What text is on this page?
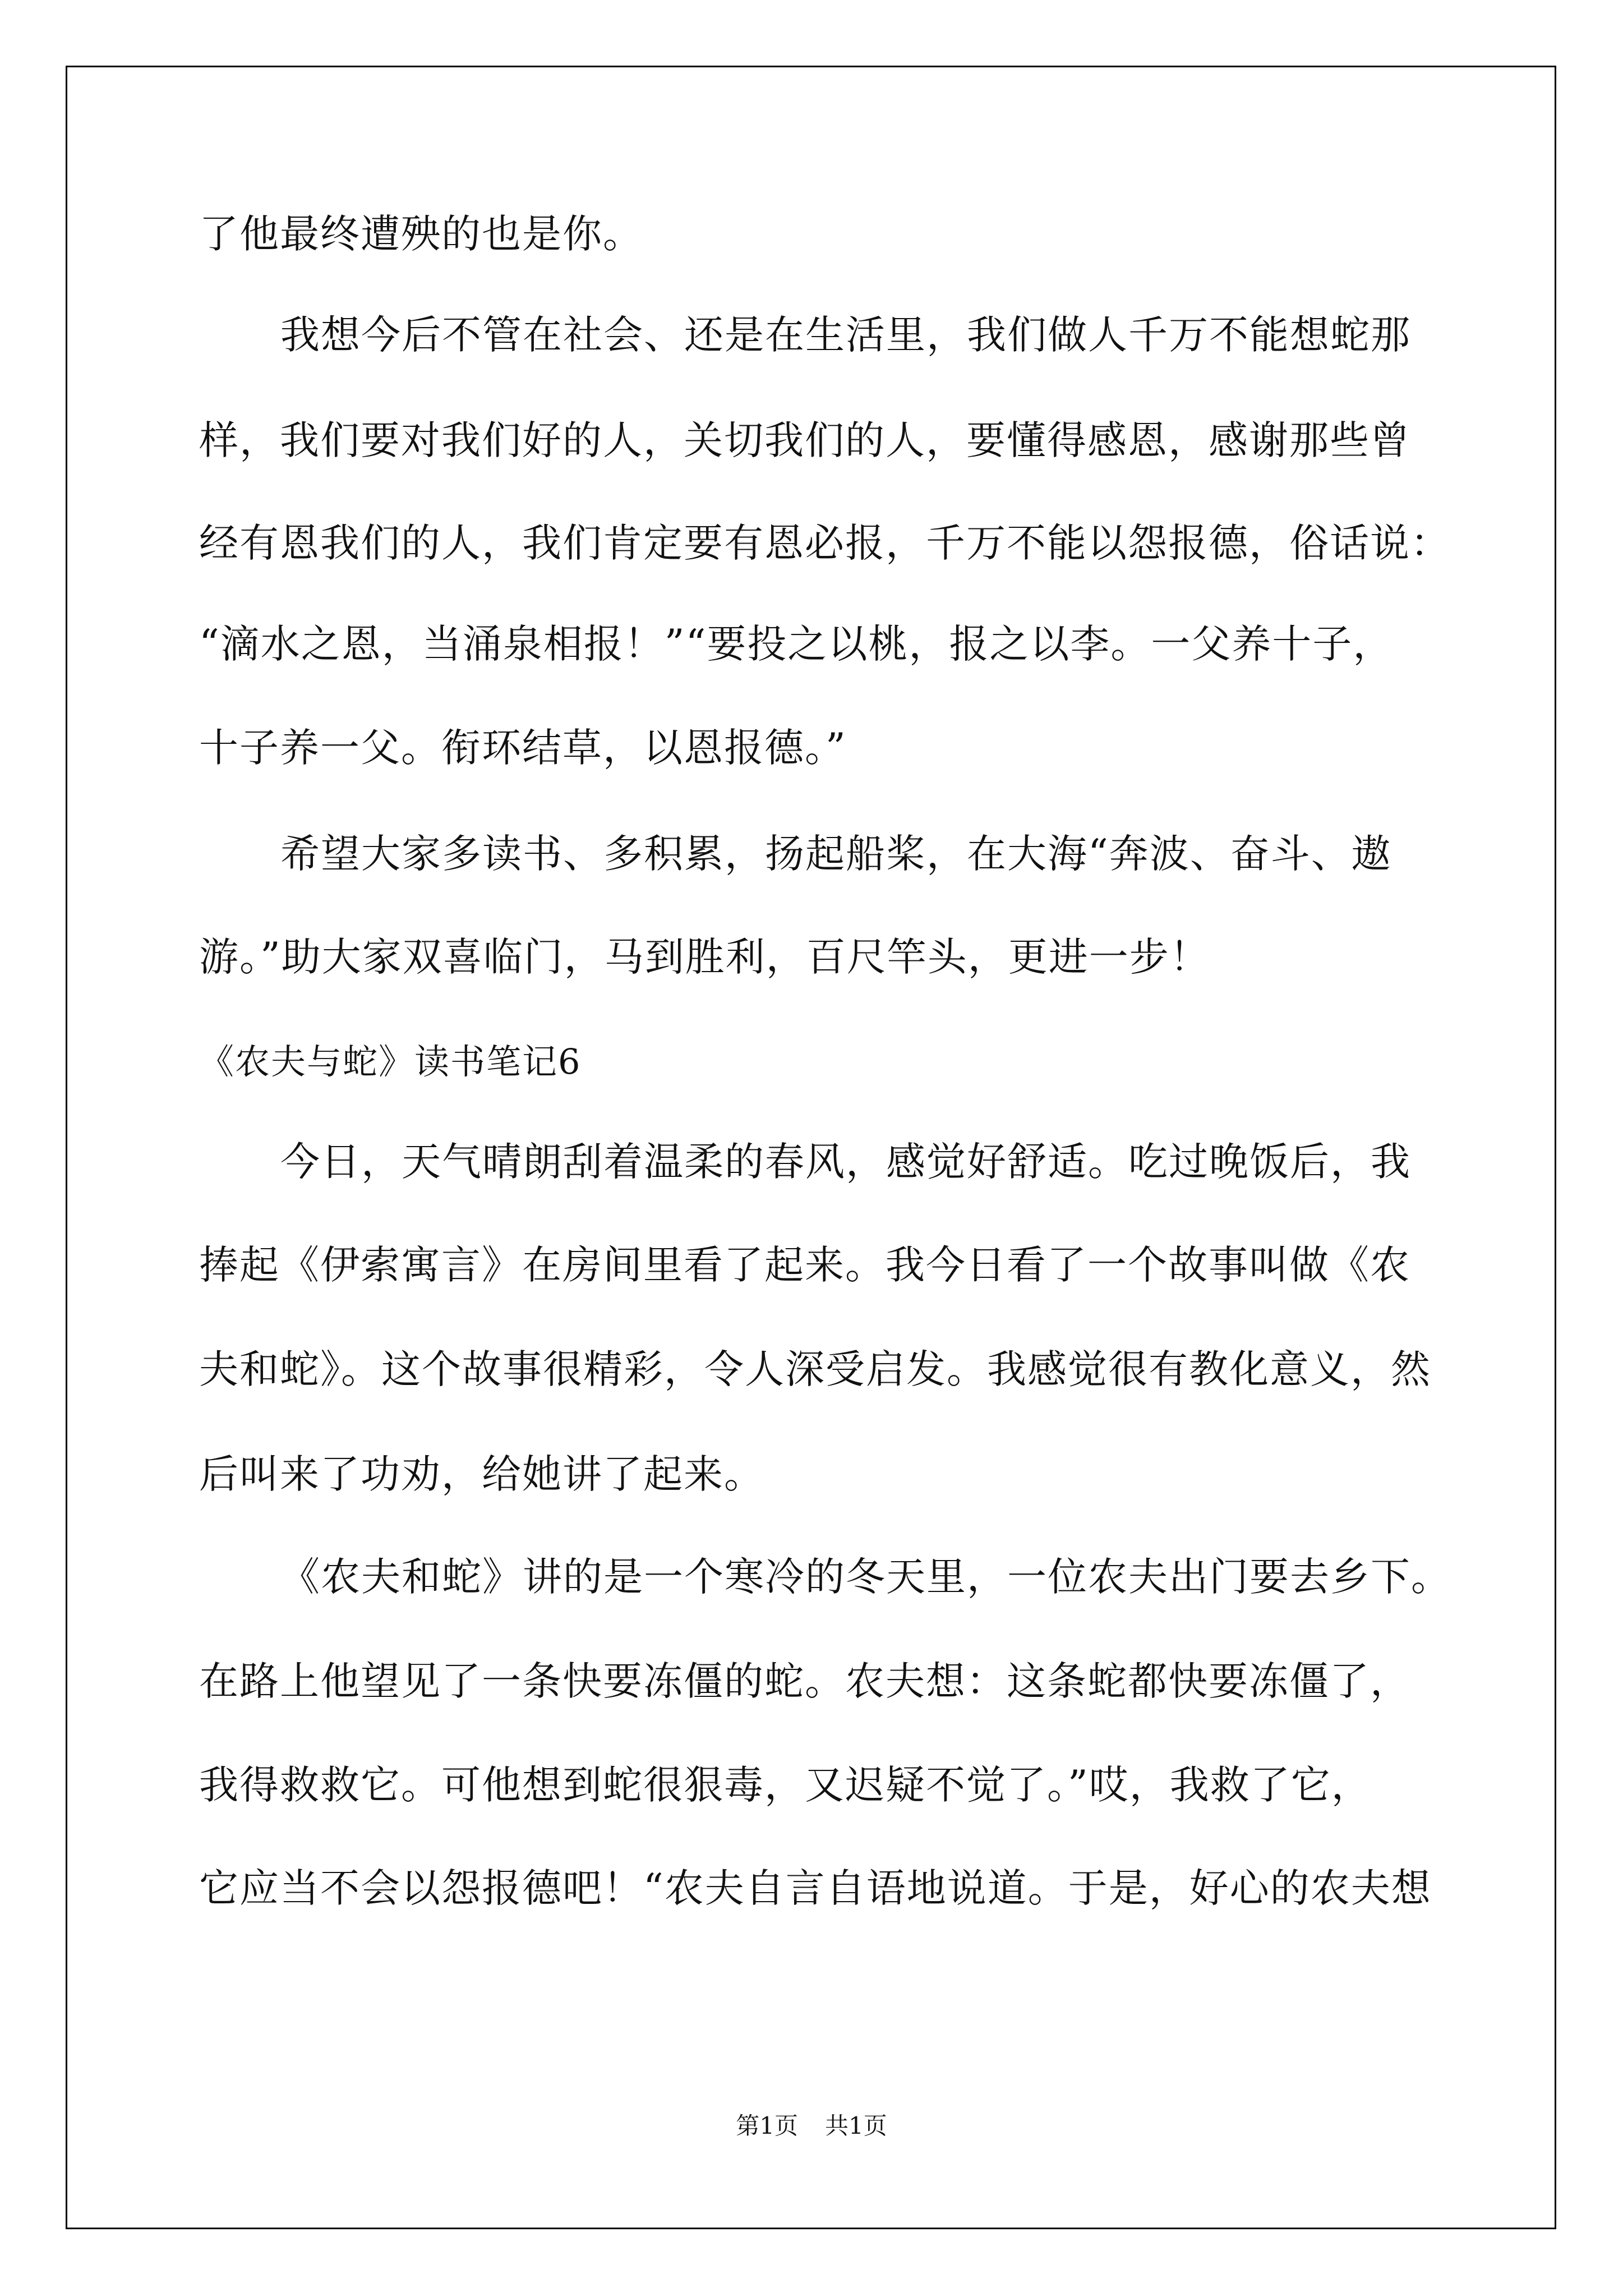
了他最终遭殃的也是你。
我想今后不管在社会、还是在生活里，我们做人千万不能想蛇那
样，我们要对我们好的人，关切我们的人，要懂得感恩，感谢那些曾
经有恩我们的人，我们肯定要有恩必报，千万不能以怨报德，俗话说：
“滴水之恩，当涌泉相报！”“要投之以桃，报之以李。一父养十子，
十子养一父。衔环结草，以恩报德。”
希望大家多读书、多积累，扬起船桨，在大海“奔波、奋斗、遨
游。”助大家双喜临门，马到胜利，百尺竿头，更进一步！
《农夫与蛇》读书笔记6
今日，天气晴朗刮着温柔的春风，感觉好舒适。吃过晚饭后，我
捧起《伊索寓言》在房间里看了起来。我今日看了一个故事叫做《农
夫和蛇》。这个故事很精彩，令人深受启发。我感觉很有教化意义，然
后叫来了功劝，给她讲了起来。
《农夫和蛇》讲的是一个寒冷的冬天里，一位农夫出门要去乡下。
在路上他望见了一条快要冻僵的蛇。农夫想：这条蛇都快要冻僵了，
我得救救它。可他想到蛇很狠毒，又迟疑不觉了。”哎，我救了它，
它应当不会以怨报德吧！“农夫自言自语地说道。于是，好心的农夫想
第1页 共1页
